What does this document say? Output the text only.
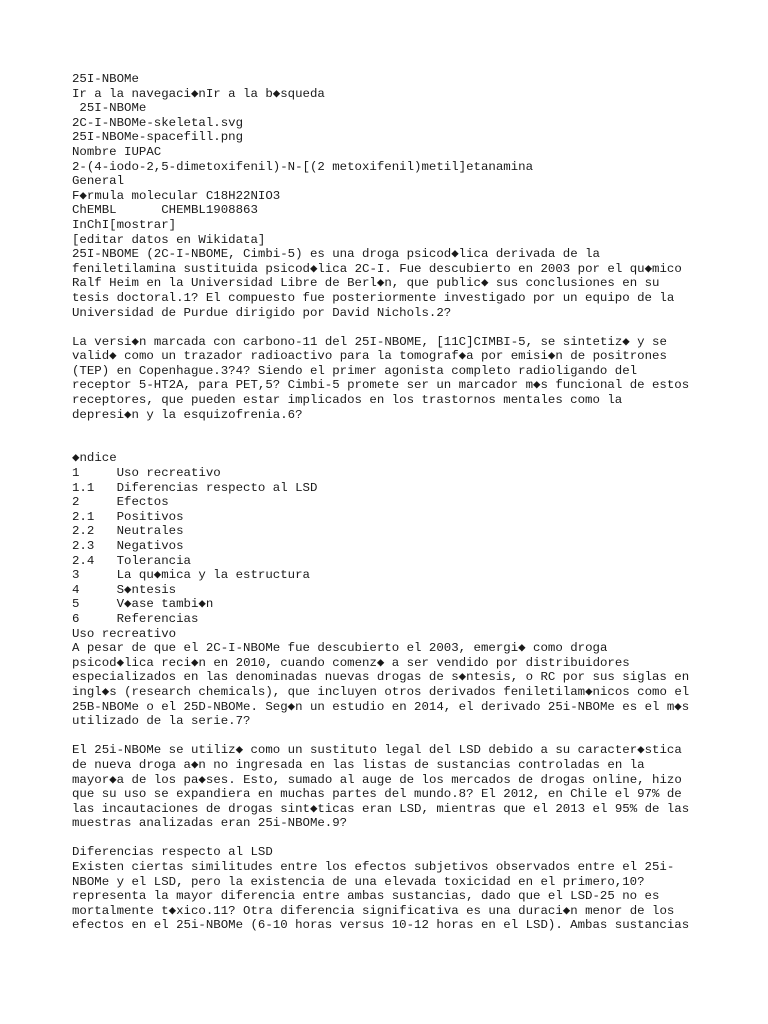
25I-NBOMe
Ir a la navegaci◆nIr a la b◆squeda
25I-NBOMe
2C-I-NBOMe-skeletal.svg
25I-NBOMe-spacefill.png
Nombre IUPAC
2-(4-iodo-2,5-dimetoxifenil)-N-[(2 metoxifenil)metil]etanamina
General
F◆rmula molecular C18H22NIO3
ChEMBL      CHEMBL1908863
InChI[mostrar]
[editar datos en Wikidata]
25I-NBOME (2C-I-NBOME, Cimbi-5) es una droga psicod◆lica derivada de la
feniletilamina sustituida psicod◆lica 2C-I. Fue descubierto en 2003 por el qu◆mico
Ralf Heim en la Universidad Libre de Berl◆n, que public◆ sus conclusiones en su
tesis doctoral.1? El compuesto fue posteriormente investigado por un equipo de la
Universidad de Purdue dirigido por David Nichols.2?
La versi◆n marcada con carbono-11 del 25I-NBOME, [11C]CIMBI-5, se sintetiz◆ y se
valid◆ como un trazador radioactivo para la tomograf◆a por emisi◆n de positrones
(TEP) en Copenhague.3?4? Siendo el primer agonista completo radioligando del
receptor 5-HT2A, para PET,5? Cimbi-5 promete ser un marcador m◆s funcional de estos
receptores, que pueden estar implicados en los trastornos mentales como la
depresi◆n y la esquizofrenia.6?
◆ndice
1     Uso recreativo
1.1   Diferencias respecto al LSD
2     Efectos
2.1   Positivos
2.2   Neutrales
2.3   Negativos
2.4   Tolerancia
3     La qu◆mica y la estructura
4     S◆ntesis
5     V◆ase tambi◆n
6     Referencias
Uso recreativo
A pesar de que el 2C-I-NBOMe fue descubierto el 2003, emergi◆ como droga
psicod◆lica reci◆n en 2010, cuando comenz◆ a ser vendido por distribuidores
especializados en las denominadas nuevas drogas de s◆ntesis, o RC por sus siglas en
ingl◆s (research chemicals), que incluyen otros derivados feniletilam◆nicos como el
25B-NBOMe o el 25D-NBOMe. Seg◆n un estudio en 2014, el derivado 25i-NBOMe es el m◆s
utilizado de la serie.7?
El 25i-NBOMe se utiliz◆ como un sustituto legal del LSD debido a su caracter◆stica
de nueva droga a◆n no ingresada en las listas de sustancias controladas en la
mayor◆a de los pa◆ses. Esto, sumado al auge de los mercados de drogas online, hizo
que su uso se expandiera en muchas partes del mundo.8? El 2012, en Chile el 97% de
las incautaciones de drogas sint◆ticas eran LSD, mientras que el 2013 el 95% de las
muestras analizadas eran 25i-NBOMe.9?
Diferencias respecto al LSD
Existen ciertas similitudes entre los efectos subjetivos observados entre el 25i-
NBOMe y el LSD, pero la existencia de una elevada toxicidad en el primero,10?
representa la mayor diferencia entre ambas sustancias, dado que el LSD-25 no es
mortalmente t◆xico.11? Otra diferencia significativa es una duraci◆n menor de los
efectos en el 25i-NBOMe (6-10 horas versus 10-12 horas en el LSD). Ambas sustancias
